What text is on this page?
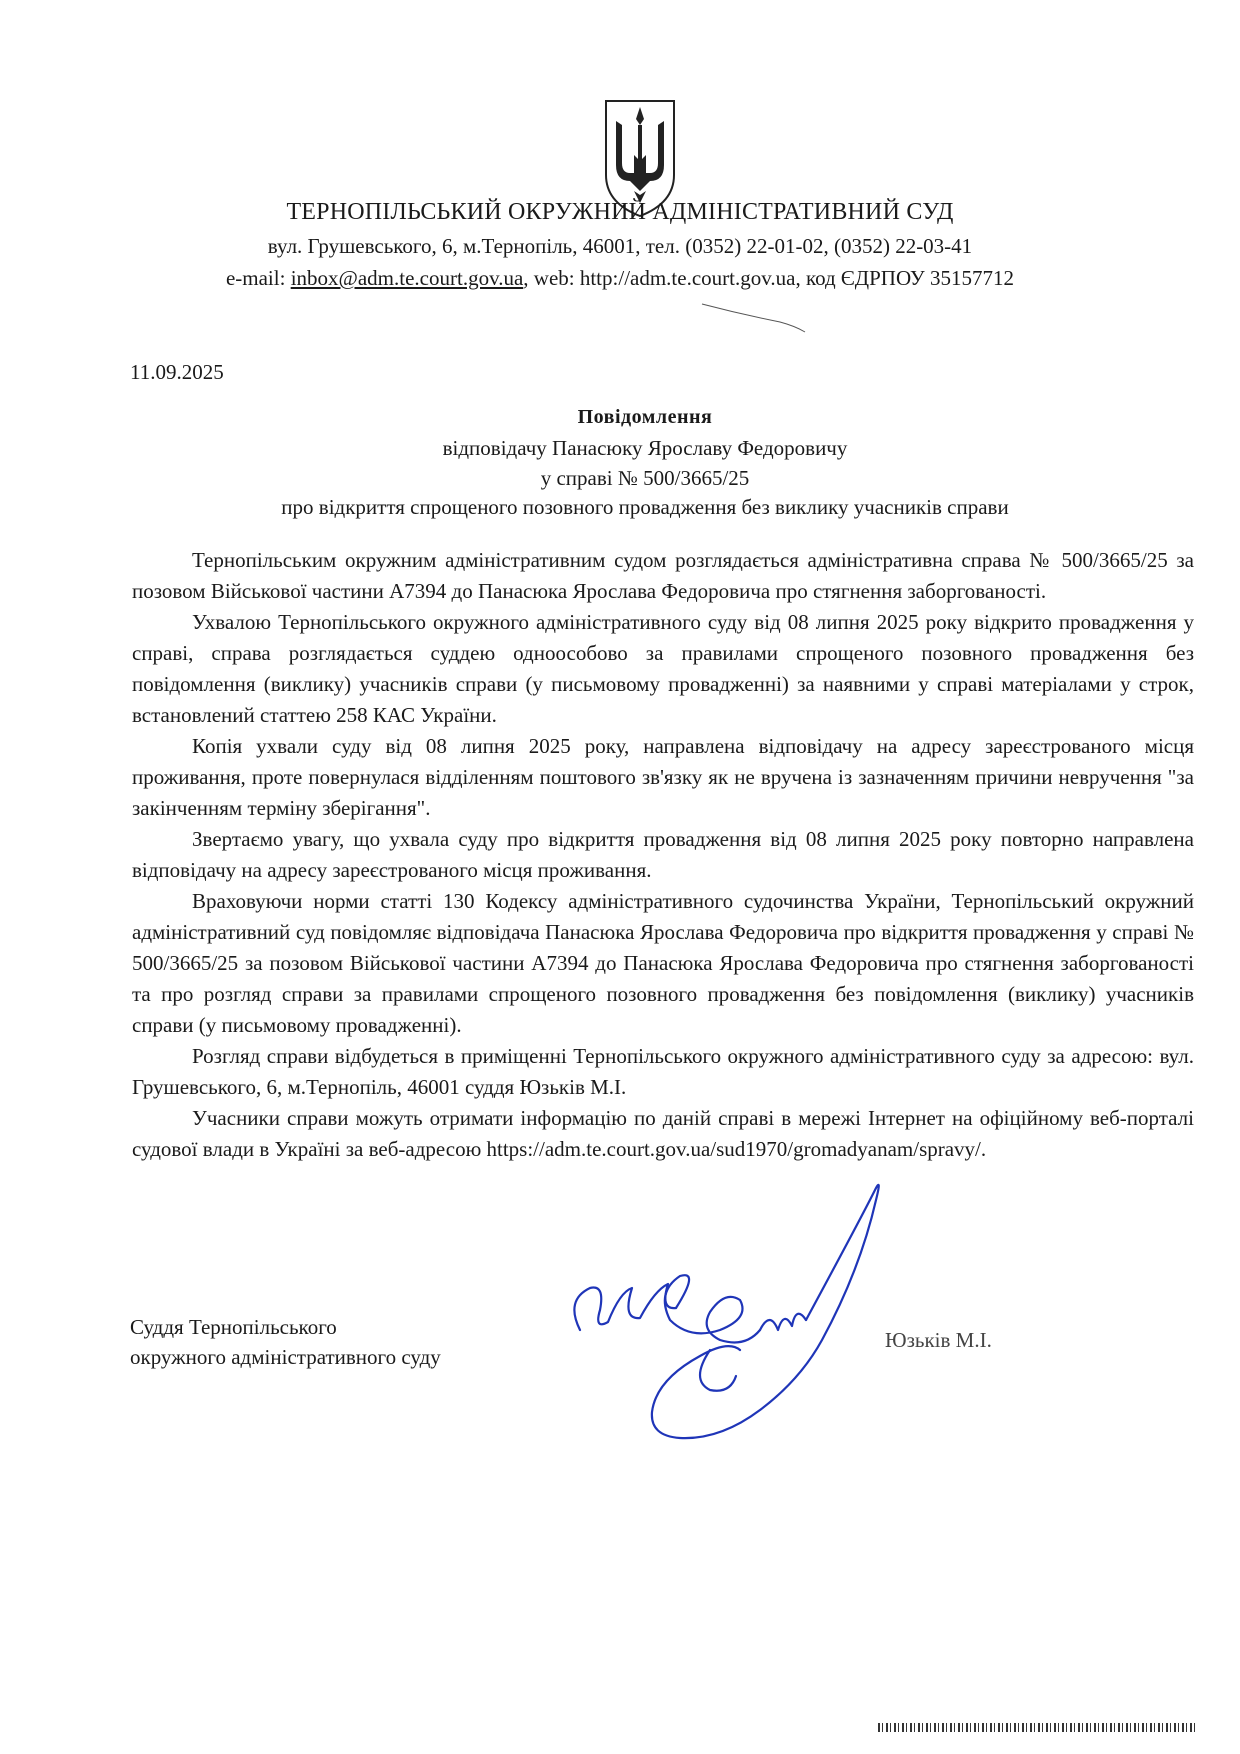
ТЕРНОПІЛЬСЬКИЙ ОКРУЖНИЙ АДМІНІСТРАТИВНИЙ СУД
вул. Грушевського, 6, м.Тернопіль, 46001, тел. (0352) 22-01-02, (0352) 22-03-41
e-mail: inbox@adm.te.court.gov.ua, web: http://adm.te.court.gov.ua, код ЄДРПОУ 35157712
11.09.2025
Повідомлення
відповідачу Панасюку Ярославу Федоровичу
у справі № 500/3665/25
про відкриття спрощеного позовного провадження без виклику учасників справи

Тернопільським окружним адміністративним судом розглядається адміністративна справа № 500/3665/25 за позовом Військової частини А7394 до Панасюка Ярослава Федоровича про стягнення заборгованості.

Ухвалою Тернопільського окружного адміністративного суду від 08 липня 2025 року відкрито провадження у справі, справа розглядається суддею одноособово за правилами спрощеного позовного провадження без повідомлення (виклику) учасників справи (у письмовому провадженні) за наявними у справі матеріалами у строк, встановлений статтею 258 КАС України.

Копія ухвали суду від 08 липня 2025 року, направлена відповідачу на адресу зареєстрованого місця проживання, проте повернулася відділенням поштового зв'язку як не вручена із зазначенням причини невручення "за закінченням терміну зберігання".

Звертаємо увагу, що ухвала суду про відкриття провадження від 08 липня 2025 року повторно направлена відповідачу на адресу зареєстрованого місця проживання.

Враховуючи норми статті 130 Кодексу адміністративного судочинства України, Тернопільський окружний адміністративний суд повідомляє відповідача Панасюка Ярослава Федоровича про відкриття провадження у справі № 500/3665/25 за позовом Військової частини А7394 до Панасюка Ярослава Федоровича про стягнення заборгованості та про розгляд справи за правилами спрощеного позовного провадження без повідомлення (виклику) учасників справи (у письмовому провадженні).

Розгляд справи відбудеться в приміщенні Тернопільського окружного адміністративного суду за адресою: вул. Грушевського, 6, м.Тернопіль, 46001 суддя Юзьків М.І.

Учасники справи можуть отримати інформацію по даній справі в мережі Інтернет на офіційному веб-порталі судової влади в Україні за веб-адресою https://adm.te.court.gov.ua/sud1970/gromadyanam/spravy/.

Суддя Тернопільського
окружного адміністративного суду
Юзьків М.І.
